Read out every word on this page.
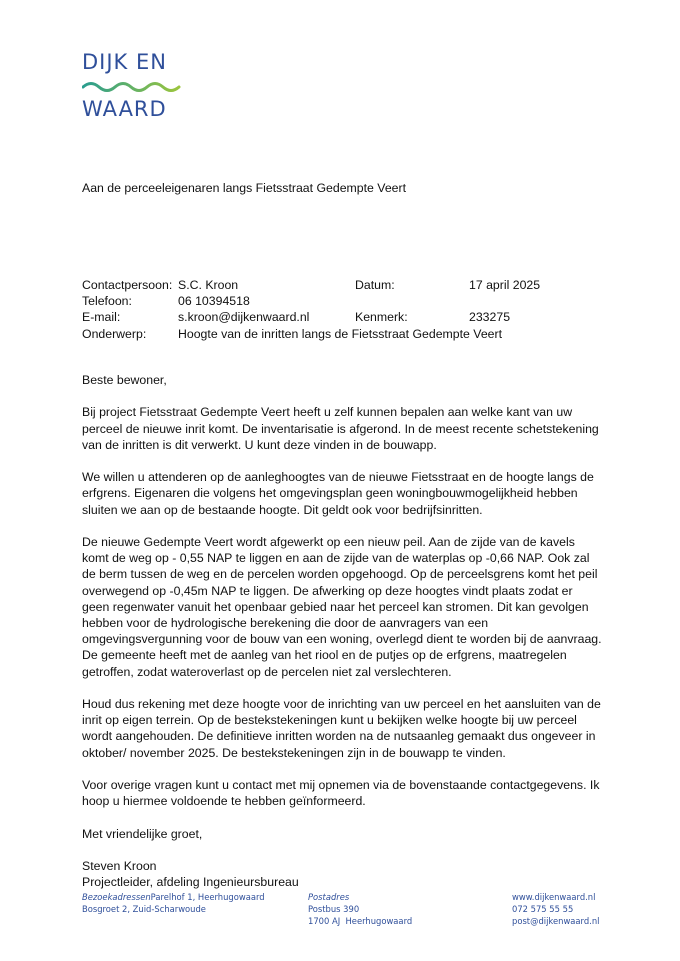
DIJK EN
WAARD
Aan de perceeleigenaren langs Fietsstraat Gedempte Veert
Contactpersoon: S.C. Kroon	Datum:	17 april 2025
Telefoon:	06 10394518
E-mail:	s.kroon@dijkenwaard.nl	Kenmerk:	233275
Onderwerp:	Hoogte van de inritten langs de Fietsstraat Gedempte Veert

Beste bewoner,

Bij project Fietsstraat Gedempte Veert heeft u zelf kunnen bepalen aan welke kant van uw perceel de nieuwe inrit komt. De inventarisatie is afgerond. In de meest recente schetstekening van de inritten is dit verwerkt. U kunt deze vinden in de bouwapp.

We willen u attenderen op de aanleghoogtes van de nieuwe Fietsstraat en de hoogte langs de erfgrens. Eigenaren die volgens het omgevingsplan geen woningbouwmogelijkheid hebben sluiten we aan op de bestaande hoogte. Dit geldt ook voor bedrijfsinritten.

De nieuwe Gedempte Veert wordt afgewerkt op een nieuw peil. Aan de zijde van de kavels komt de weg op - 0,55 NAP te liggen en aan de zijde van de waterplas op -0,66 NAP. Ook zal de berm tussen de weg en de percelen worden opgehoogd. Op de perceelsgrens komt het peil overwegend op -0,45m NAP te liggen. De afwerking op deze hoogtes vindt plaats zodat er geen regenwater vanuit het openbaar gebied naar het perceel kan stromen. Dit kan gevolgen hebben voor de hydrologische berekening die door de aanvragers van een omgevingsvergunning voor de bouw van een woning, overlegd dient te worden bij de aanvraag. De gemeente heeft met de aanleg van het riool en de putjes op de erfgrens, maatregelen getroffen, zodat wateroverlast op de percelen niet zal verslechteren.

Houd dus rekening met deze hoogte voor de inrichting van uw perceel en het aansluiten van de inrit op eigen terrein. Op de bestekstekeningen kunt u bekijken welke hoogte bij uw perceel wordt aangehouden. De definitieve inritten worden na de nutsaanleg gemaakt dus ongeveer in oktober/ november 2025. De bestekstekeningen zijn in de bouwapp te vinden.

Voor overige vragen kunt u contact met mij opnemen via de bovenstaande contactgegevens. Ik hoop u hiermee voldoende te hebben geïnformeerd.

Met vriendelijke groet,

Steven Kroon
Projectleider, afdeling Ingenieursbureau

BezoekadressenParelhof 1, Heerhugowaard
Bosgroet 2, Zuid-Scharwoude
Postadres
Postbus 390
1700 AJ  Heerhugowaard
www.dijkenwaard.nl
072 575 55 55
post@dijkenwaard.nl
